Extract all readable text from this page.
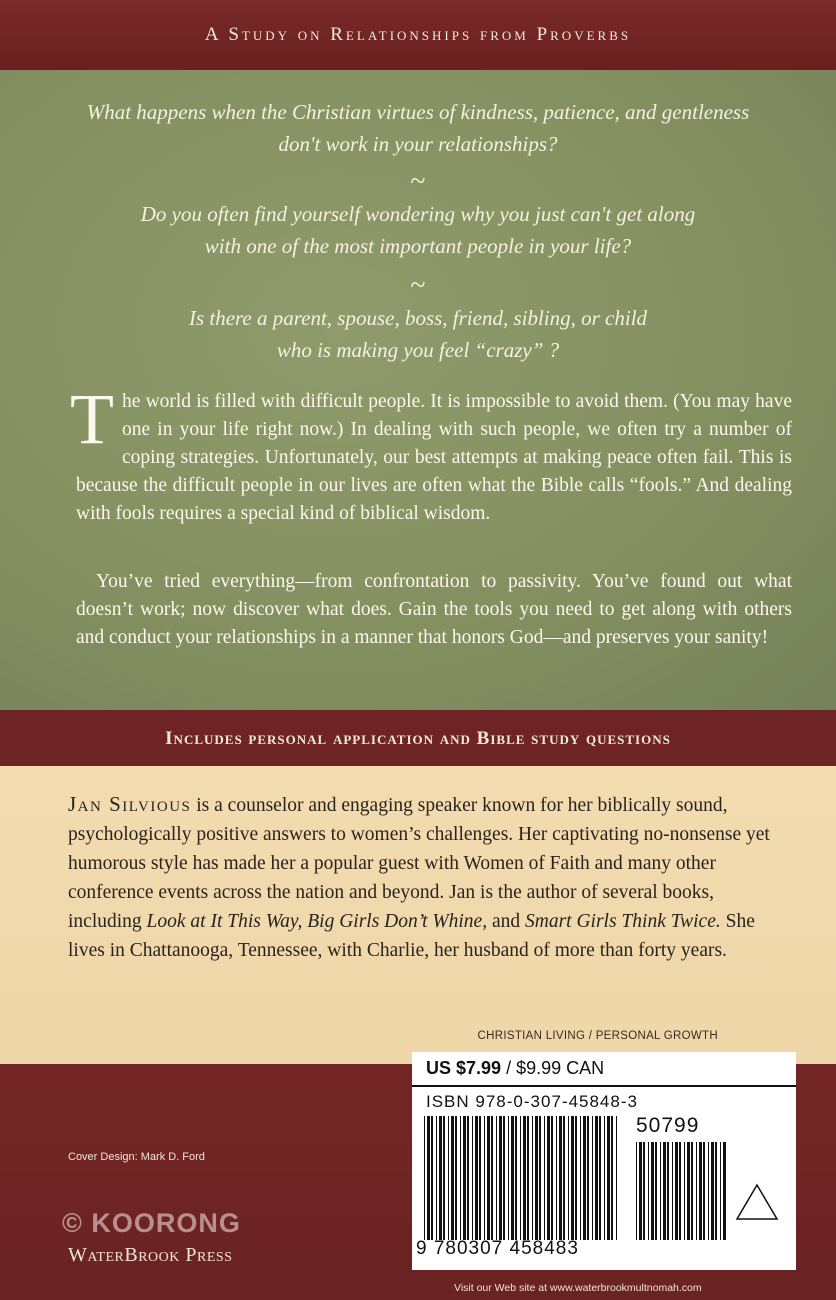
A Study on Relationships from Proverbs
What happens when the Christian virtues of kindness, patience, and gentleness
don't work in your relationships?
~
Do you often find yourself wondering why you just can't get along
with one of the most important people in your life?
~
Is there a parent, spouse, boss, friend, sibling, or child
who is making you feel “crazy” ?
The world is filled with difficult people. It is impossible to avoid them. (You may have one in your life right now.) In dealing with such people, we often try a number of coping strategies. Unfortunately, our best attempts at making peace often fail. This is because the difficult people in our lives are often what the Bible calls “fools.” And dealing with fools requires a special kind of biblical wisdom.
You’ve tried everything—from confrontation to passivity. You’ve found out what doesn’t work; now discover what does. Gain the tools you need to get along with others and conduct your relationships in a manner that honors God—and preserves your sanity!
Includes personal application and Bible study questions
Jan Silvious is a counselor and engaging speaker known for her biblically sound, psychologically positive answers to women’s challenges. Her captivating no-nonsense yet humorous style has made her a popular guest with Women of Faith and many other conference events across the nation and beyond. Jan is the author of several books, including Look at It This Way, Big Girls Don’t Whine, and Smart Girls Think Twice. She lives in Chattanooga, Tennessee, with Charlie, her husband of more than forty years.
CHRISTIAN LIVING / PERSONAL GROWTH
US $7.99 / $9.99 CAN
ISBN 978-0-307-45848-3
50799
9 780307 458483
Cover Design: Mark D. Ford
© KOORONG
WaterBrook Press
Visit our Web site at www.waterbrookmultnomah.com
